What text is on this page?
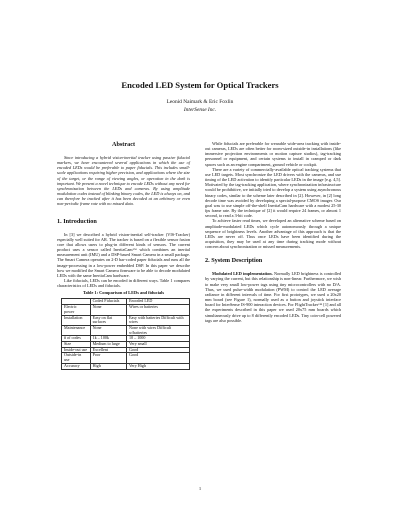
Encoded LED System for Optical Trackers
Leonid Naimark & Eric Foxlin
InterSense Inc.
Abstract

Since introducing a hybrid vision-inertial tracker using passive fiducial markers, we have encountered several applications in which the use of encoded LEDs would be preferable to paper fiducials. This includes small-scale applications requiring higher precision, and applications where the size of the target, or the range of viewing angles, or operation in the dark is important. We present a novel technique to encode LEDs without any need for synchronization between the LEDs and cameras. By using amplitude modulation codes instead of blinking binary codes, the LED is always on, and can therefore be tracked after it has been decoded at an arbitrary or even non-periodic frame rate with no missed data.

1. Introduction

In [3] we described a hybrid vision-inertial self-tracker (VIS-Tracker) especially well suited for AR. The tracker is based on a flexible sensor fusion core that allows users to plug-in different kinds of sensors. The current product uses a sensor called InertiaCam™ which combines an inertial measurement unit (IMU) and a DSP-based Smart Camera in a small package. The Smart Camera operates on 2-D bar-coded paper fiducials and runs all the image-processing in a low-power embedded DSP. In this paper we describe how we modified the Smart Camera firmware to be able to decode modulated LEDs with the same InertiaCam hardware.

Like fiducials, LEDs can be encoded in different ways. Table 1 compares characteristics of LEDs and fiducials.

Table 1: Comparison of LEDs and fiducials
	Coded Fiducials	Encoded LED
Electric power	None	Wires or batteries
Installation	Easy on flat surfaces	Easy with batteries Difficult with wires
Maintenance	None	None with wires Difficult w/batteries
# of codes	1k – 100k	10 – 1000
Size	Medium to large	Very small
Inside-out use	Excellent	Good
Outside-in use	Poor	Good
Accuracy	High	Very High

While fiducials are preferable for wearable wide-area tracking with inside-out cameras, LEDs are often better for room-sized outside-in installations (like immersive projection environments or motion capture studios), tag-tracking personnel or equipment, and certain systems to install in cramped or dark spaces such as an engine compartment, ground vehicle or cockpit.

There are a variety of commercially-available optical tracking systems that use LED targets. Most synchronize the LED drivers with the cameras, and use timing of the LED activation to identify particular LEDs in the image [e.g. 4,5]. Motivated by the tag-tracking application, where synchronization infrastructure would be prohibitive, we initially tried to develop a system using asynchronous binary codes, similar to the scheme later described in [2]. However, in [2] long decode time was avoided by developing a special-purpose CMOS imager. Our goal was to use simple off-the-shelf InertiaCam hardware with a modest 25-30 fps frame rate. By the technique of [2] it would require 24 frames, or almost 1 second, to read a 3-bit code.

To achieve faster read times, we developed an alternative scheme based on amplitude-modulated LEDs which cycle autonomously through a unique sequence of brightness levels. Another advantage of this approach is that the LEDs are never off. Thus once LEDs have been identified during the acquisition, they may be used at any time during tracking mode without concern about synchronization or missed measurements.

2. System Description

Modulated LED implementation. Normally LED brightness is controlled by varying the current, but this relationship is non-linear. Furthermore, we wish to make very small low-power tags using tiny microcontrollers with no D/A. Thus, we used pulse-width modulation (PWM) to control the LED average radiance in different intervals of time. For first prototypes, we used a 20x20 mm board (see Figure 1), normally used as a button and joystick interface board for InterSense IS-900 interaction devices. For FlightTracker™ [1] and all the experiments described in this paper we used 20x75 mm boards which simultaneously drive up to 8 differently encoded LEDs. Tiny coin-cell powered tags are also possible.

1
